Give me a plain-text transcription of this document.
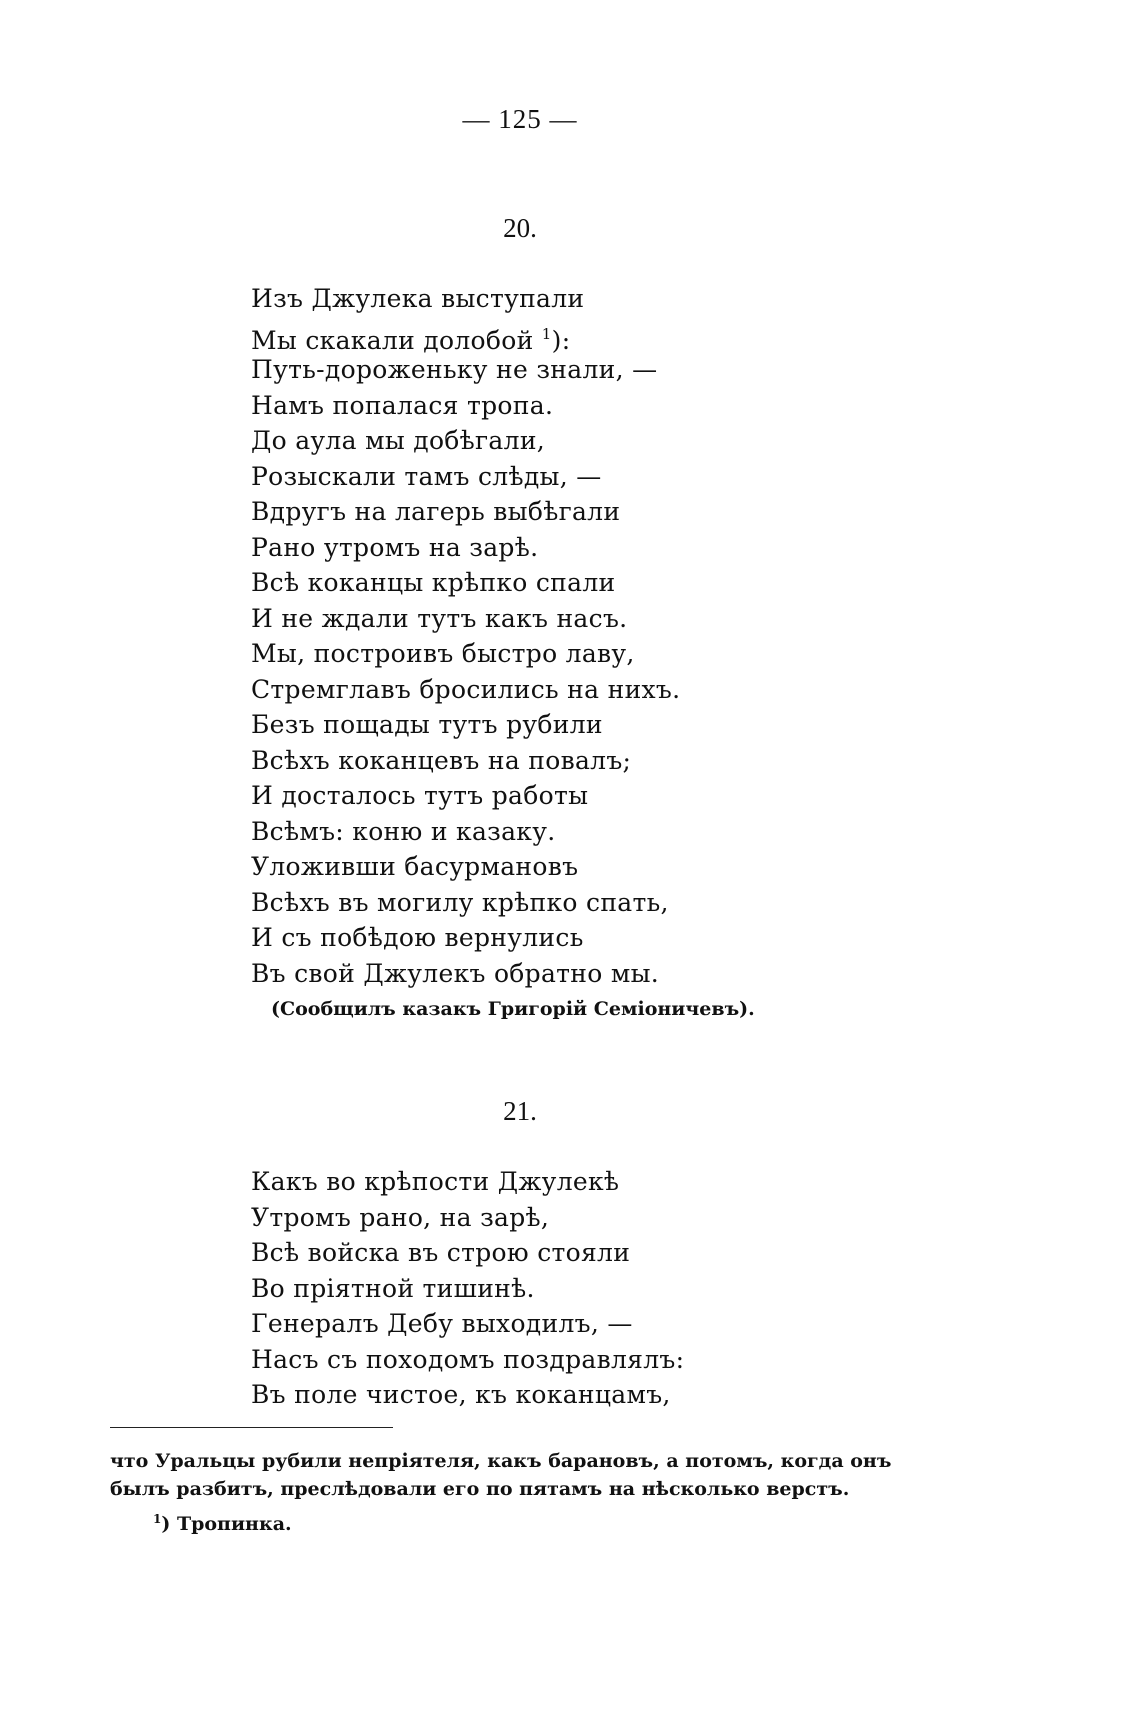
— 125 —
20.
Изъ Джулека выступали
Мы скакали долобой $^1$):
Путь-дороженьку не знали, —
Намъ попалася тропа.
До аула мы добѣгали,
Розыскали тамъ слѣды, —
Вдругъ на лагерь выбѣгали
Рано утромъ на зарѣ.
Всѣ коканцы крѣпко спали
И не ждали тутъ какъ насъ.
Мы, построивъ быстро лаву,
Стремглавъ бросились на нихъ.
Безъ пощады тутъ рубили
Всѣхъ коканцевъ на повалъ;
И досталось тутъ работы
Всѣмъ: коню и казаку.
Уложивши басурмановъ
Всѣхъ въ могилу крѣпко спать,
И съ побѣдою вернулись
Въ свой Джулекъ обратно мы.
(Сообщилъ казакъ Григорій Семіоничевъ).
21.
Какъ во крѣпости Джулекѣ
Утромъ рано, на зарѣ,
Всѣ войска въ строю стояли
Во пріятной тишинѣ.
Генералъ Дебу выходилъ, —
Насъ съ походомъ поздравлялъ:
Въ поле чистое, къ коканцамъ,
что Уральцы рубили непріятеля, какъ барановъ, а потомъ, когда онъ
былъ разбитъ, преслѣдовали его по пятамъ на нѣсколько верстъ.
$^1$) Тропинка.
